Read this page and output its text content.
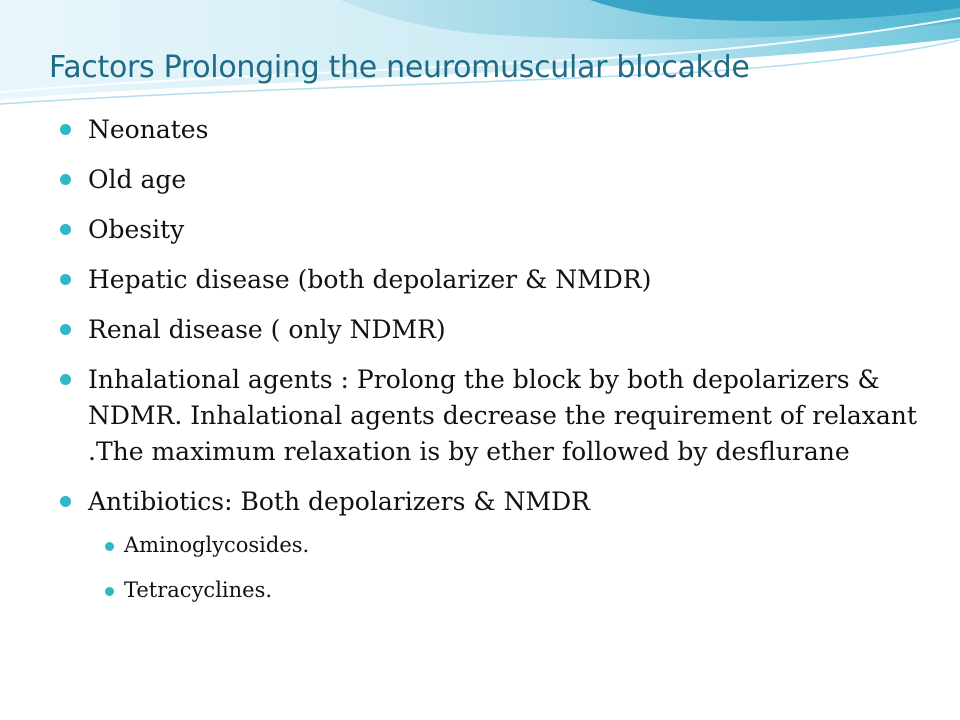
Factors Prolonging the neuromuscular blocakde
Neonates
Old age
Obesity
Hepatic disease (both depolarizer & NMDR)
Renal disease ( only NDMR)
Inhalational agents : Prolong the block by both depolarizers & NDMR. Inhalational agents decrease the requirement of relaxant .The maximum relaxation is by ether followed by desflurane
Antibiotics: Both depolarizers & NMDR
Aminoglycosides.
Tetracyclines.
